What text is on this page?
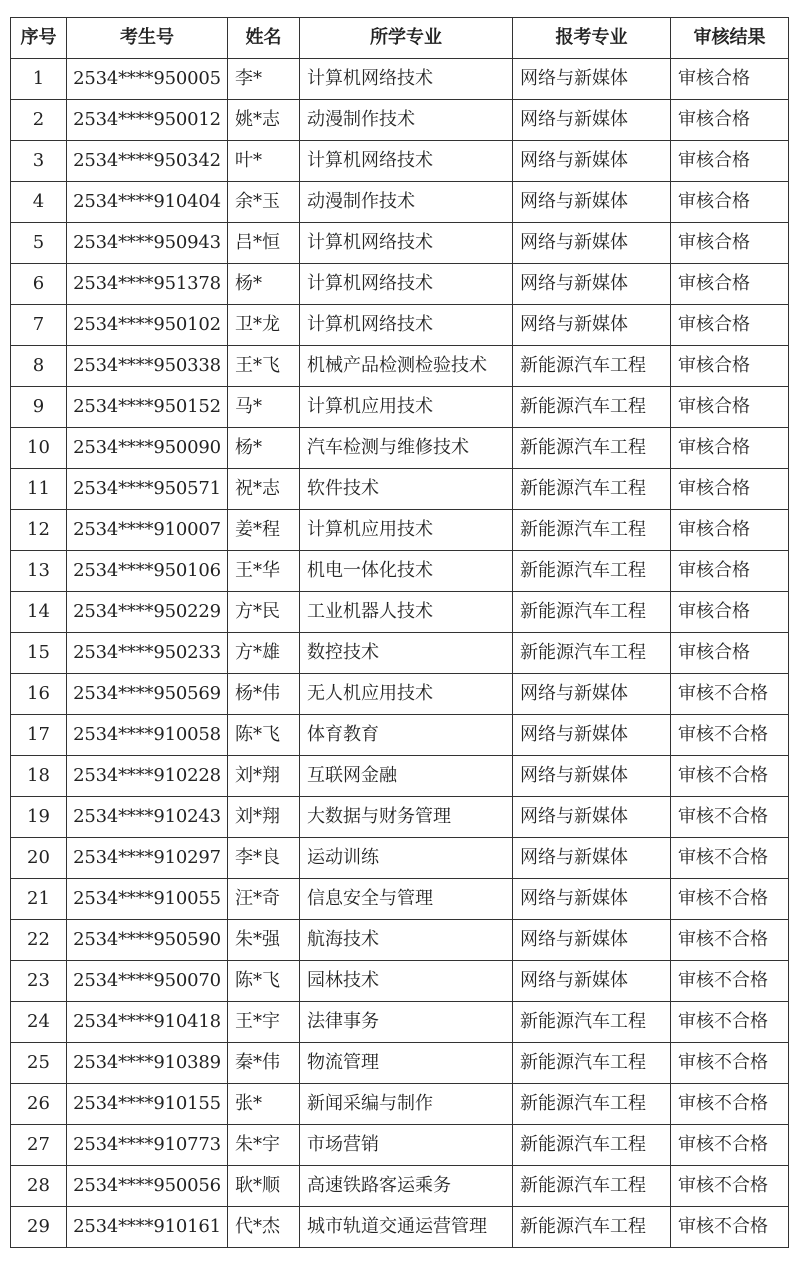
序号	考生号	姓名	所学专业	报考专业	审核结果
1	2534****950005	李*	计算机网络技术	网络与新媒体	审核合格
2	2534****950012	姚*志	动漫制作技术	网络与新媒体	审核合格
3	2534****950342	叶*	计算机网络技术	网络与新媒体	审核合格
4	2534****910404	余*玉	动漫制作技术	网络与新媒体	审核合格
5	2534****950943	吕*恒	计算机网络技术	网络与新媒体	审核合格
6	2534****951378	杨*	计算机网络技术	网络与新媒体	审核合格
7	2534****950102	卫*龙	计算机网络技术	网络与新媒体	审核合格
8	2534****950338	王*飞	机械产品检测检验技术	新能源汽车工程	审核合格
9	2534****950152	马*	计算机应用技术	新能源汽车工程	审核合格
10	2534****950090	杨*	汽车检测与维修技术	新能源汽车工程	审核合格
11	2534****950571	祝*志	软件技术	新能源汽车工程	审核合格
12	2534****910007	姜*程	计算机应用技术	新能源汽车工程	审核合格
13	2534****950106	王*华	机电一体化技术	新能源汽车工程	审核合格
14	2534****950229	方*民	工业机器人技术	新能源汽车工程	审核合格
15	2534****950233	方*雄	数控技术	新能源汽车工程	审核合格
16	2534****950569	杨*伟	无人机应用技术	网络与新媒体	审核不合格
17	2534****910058	陈*飞	体育教育	网络与新媒体	审核不合格
18	2534****910228	刘*翔	互联网金融	网络与新媒体	审核不合格
19	2534****910243	刘*翔	大数据与财务管理	网络与新媒体	审核不合格
20	2534****910297	李*良	运动训练	网络与新媒体	审核不合格
21	2534****910055	汪*奇	信息安全与管理	网络与新媒体	审核不合格
22	2534****950590	朱*强	航海技术	网络与新媒体	审核不合格
23	2534****950070	陈*飞	园林技术	网络与新媒体	审核不合格
24	2534****910418	王*宇	法律事务	新能源汽车工程	审核不合格
25	2534****910389	秦*伟	物流管理	新能源汽车工程	审核不合格
26	2534****910155	张*	新闻采编与制作	新能源汽车工程	审核不合格
27	2534****910773	朱*宇	市场营销	新能源汽车工程	审核不合格
28	2534****950056	耿*顺	高速铁路客运乘务	新能源汽车工程	审核不合格
29	2534****910161	代*杰	城市轨道交通运营管理	新能源汽车工程	审核不合格
